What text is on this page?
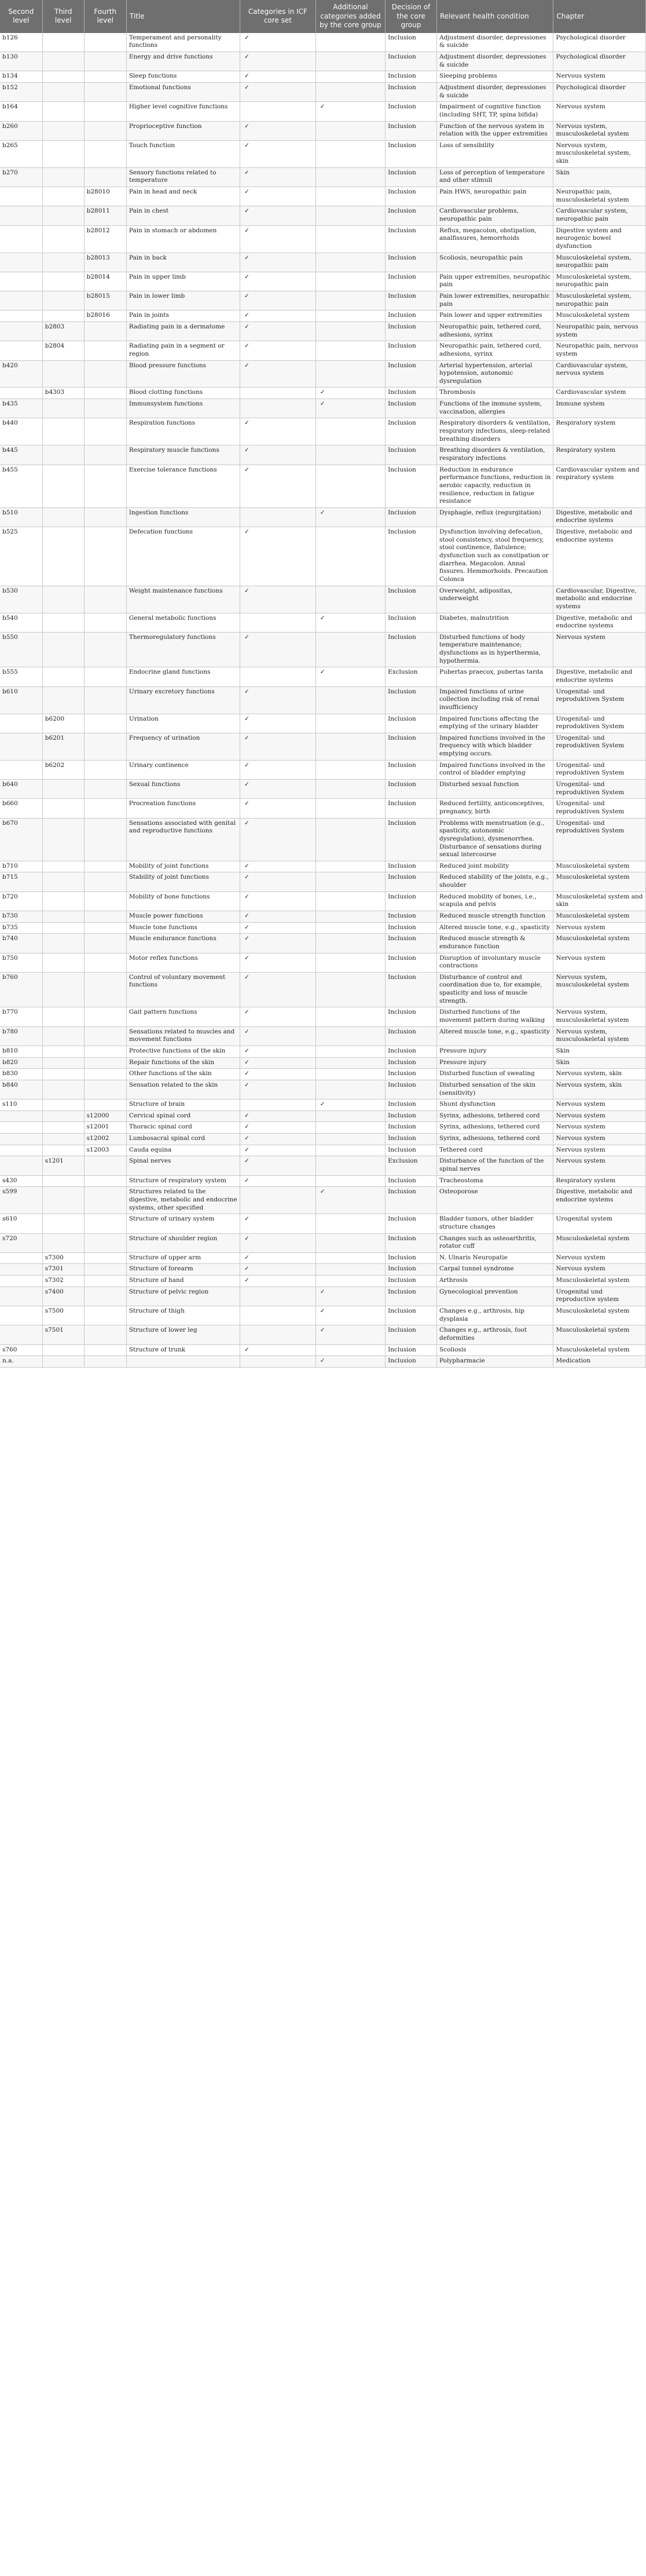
Second level	Third level	Fourth level	Title	Categories in ICF core set	Additional categories added by the core group	Decision of the core group	Relevant health condition	Chapter
b126			Temperament and personality functions	✓		Inclusion	Adjustment disorder, depressiones & suicide	Psychological disorder
b130			Energy and drive functions	✓		Inclusion	Adjustment disorder, depressiones & suicide	Psychological disorder
b134			Sleep functions	✓		Inclusion	Sleeping problems	Nervous system
b152			Emotional functions	✓		Inclusion	Adjustment disorder, depressiones & suicide	Psychological disorder
b164			Higher level cognitive functions		✓	Inclusion	Impairment of cognitive function (including SHT, TP, spina bifida)	Nervous system
b260			Proprioceptive function	✓		Inclusion	Function of the nervous system in relation with the upper extremities	Nervous system, musculoskeletal system
b265			Touch function	✓		Inclusion	Loss of sensibility	Nervous system, musculoskeletal system, skin
b270			Sensory functions related to temperature	✓		Inclusion	Loss of perception of temperature and other stimuli	Skin
		b28010	Pain in head and neck	✓		Inclusion	Pain HWS, neuropathic pain	Neuropathic pain, musculoskeletal system
		b28011	Pain in chest	✓		Inclusion	Cardiovascular problems, neuropathic pain	Cardiovascular system, neuropathic pain
		b28012	Pain in stomach or abdomen	✓		Inclusion	Reflux, megacolon, obstipation, analfissures, hemorrhoids	Digestive system and neurogenic bowel dysfunction
		b28013	Pain in back	✓		Inclusion	Scoliosis, neuropathic pain	Musculoskeletal system, neuropathic pain
		b28014	Pain in upper limb	✓		Inclusion	Pain upper extremities, neuropathic pain	Musculoskeletal system, neuropathic pain
		b28015	Pain in lower limb	✓		Inclusion	Pain lower extremities, neuropathic pain	Musculoskeletal system, neuropathic pain
		b28016	Pain in joints	✓		Inclusion	Pain lower and upper extremities	Musculoskeletal system
	b2803		Radiating pain in a dermatome	✓		Inclusion	Neuropathic pain, tethered cord, adhesions, syrinx	Neuropathic pain, nervous system
	b2804		Radiating pain in a segment or region	✓		Inclusion	Neuropathic pain, tethered cord, adhesions, syrinx	Neuropathic pain, nervous system
b420			Blood pressure functions	✓		Inclusion	Arterial hypertension, arterial hypotension, autonomic dysregulation	Cardiovascular system, nervous system
	b4303		Blood clotting functions		✓	Inclusion	Thrombosis	Cardiovascular system
b435			Immunsystem functions		✓	Inclusion	Functions of the immune system, vaccination, allergies	Immune system
b440			Respiration functions	✓		Inclusion	Respiratory disorders & ventilation, respiratory infections, sleep-related breathing disorders	Respiratory system
b445			Respiratory muscle functions	✓		Inclusion	Breathing disorders & ventilation, respiratory infections	Respiratory system
b455			Exercise tolerance functions	✓		Inclusion	Reduction in endurance performance functions, reduction in aerobic capacity, reduction in resilience, reduction in fatigue resistance	Cardiovascular system and respiratory system
b510			Ingestion functions		✓	Inclusion	Dysphagie, reflux (regurgitation)	Digestive, metabolic and endocrine systems
b525			Defecation functions	✓		Inclusion	Dysfunction involving defecation, stool consistency, stool frequency, stool continence, flatulence; dysfunction such as constipation or diarrhea. Megacolon. Annal fissures. Hemmorhoids. Precaution Colonca	Digestive, metabolic and endocrine systems
b530			Weight maintenance functions	✓		Inclusion	Overweight, adipositas, underweight	Cardiovascular, Digestive, metabolic and endocrine systems
b540			General metabolic functions		✓	Inclusion	Diabetes, malnutrition	Digestive, metabolic and endocrine systems
b550			Thermoregulatory functions	✓		Inclusion	Disturbed functions of body temperature maintenance; dysfunctions as in hyperthermia, hypothermia.	Nervous system
b555			Endocrine gland functions		✓	Exclusion	Pubertas praecox, pubertas tarda	Digestive, metabolic and endocrine systems
b610			Urinary excretory functions	✓		Inclusion	Impaired functions of urine collection including risk of renal insufficiency	Urogenital- und reproduktiven System
	b6200		Urination	✓		Inclusion	Impaired functions affecting the emptying of the urinary bladder	Urogenital- und reproduktiven System
	b6201		Frequency of urination	✓		Inclusion	Impaired functions involved in the frequency with which bladder emptying occurs.	Urogenital- und reproduktiven System
	b6202		Urinary continence	✓		Inclusion	Impaired functions involved in the control of bladder emptying	Urogenital- und reproduktiven System
b640			Sexual functions	✓		Inclusion	Disturbed sexual function	Urogenital- und reproduktiven System
b660			Procreation functions	✓		Inclusion	Reduced fertility, anticonceptives, pregnancy, birth	Urogenital- und reproduktiven System
b670			Sensations associated with genital and reproductive functions	✓		Inclusion	Problems with menstruation (e.g., spasticity, autonomic dysregulation), dysmenorrhea. Disturbance of sensations during sexual intercourse	Urogenital- und reproduktiven System
b710			Mobility of joint functions	✓		Inclusion	Reduced joint mobility	Musculoskeletal system
b715			Stability of joint functions	✓		Inclusion	Reduced stability of the joints, e.g., shoulder	Musculoskeletal system
b720			Mobility of bone functions	✓		Inclusion	Reduced mobility of bones, i.e., scapula and pelvis	Musculoskeletal system and skin
b730			Muscle power functions	✓		Inclusion	Reduced muscle strength function	Musculoskeletal system
b735			Muscle tone functions	✓		Inclusion	Altered muscle tone, e.g., spasticity	Nervous system
b740			Muscle endurance functions	✓		Inclusion	Reduced muscle strength & endurance function	Musculoskeletal system
b750			Motor reflex functions	✓		Inclusion	Disruption of involuntary muscle contractions	Nervous system
b760			Control of voluntary movement functions	✓		Inclusion	Disturbance of control and coordination due to, for example, spasticity and loss of muscle strength.	Nervous system, musculoskeletal system
b770			Gait pattern functions	✓		Inclusion	Disturbed functions of the movement pattern during walking	Nervous system, musculoskeletal system
b780			Sensations related to muscles and movement functions	✓		Inclusion	Altered muscle tone, e.g., spasticity	Nervous system, musculoskeletal system
b810			Protective functions of the skin	✓		Inclusion	Pressure injury	Skin
b820			Repair functions of the skin	✓		Inclusion	Pressure injury	Skin
b830			Other functions of the skin	✓		Inclusion	Disturbed function of sweating	Nervous system, skin
b840			Sensation related to the skin	✓		Inclusion	Disturbed sensation of the skin (sensitivity)	Nervous system, skin
s110			Structure of brain		✓	Inclusion	Shunt dysfunction	Nervous system
		s12000	Cervical spinal cord	✓		Inclusion	Syrinx, adhesions, tethered cord	Nervous system
		s12001	Thoracic spinal cord	✓		Inclusion	Syrinx, adhesions, tethered cord	Nervous system
		s12002	Lumbosacral spinal cord	✓		Inclusion	Syrinx, adhesions, tethered cord	Nervous system
		s12003	Cauda equina	✓		Inclusion	Tethered cord	Nervous system
	s1201		Spinal nerves	✓		Exclusion	Disturbance of the function of the spinal nerves	Nervous system
s430			Structure of respiratory system	✓		Inclusion	Tracheostoma	Respiratory system
s599			Structures related to the digestive, metabolic and endocrine systems, other specified		✓	Inclusion	Osteoporose	Digestive, metabolic and endocrine systems
s610			Structure of urinary system	✓		Inclusion	Bladder tumors, other bladder structure changes	Urogenital system
s720			Structure of shoulder region	✓		Inclusion	Changes such as osteoarthritis, rotator cuff	Musculoskeletal system
	s7300		Structure of upper arm	✓		Inclusion	N. Ulnaris Neuropatie	Nervous system
	s7301		Structure of forearm	✓		Inclusion	Carpal tunnel syndrome	Nervous system
	s7302		Structure of hand	✓		Inclusion	Arthrosis	Musculoskeletal system
	s7400		Structure of pelvic region		✓	Inclusion	Gynecological prevention	Urogenital und reproductive system
	s7500		Structure of thigh		✓	Inclusion	Changes e.g., arthrosis, hip dysplasia	Musculoskeletal system
	s7501		Structure of lower leg		✓	Inclusion	Changes e.g., arthrosis, foot deformities	Musculoskeletal system
s760			Structure of trunk	✓		Inclusion	Scoliosis	Musculoskeletal system
n.a.					✓	Inclusion	Polypharmacie	Medication
